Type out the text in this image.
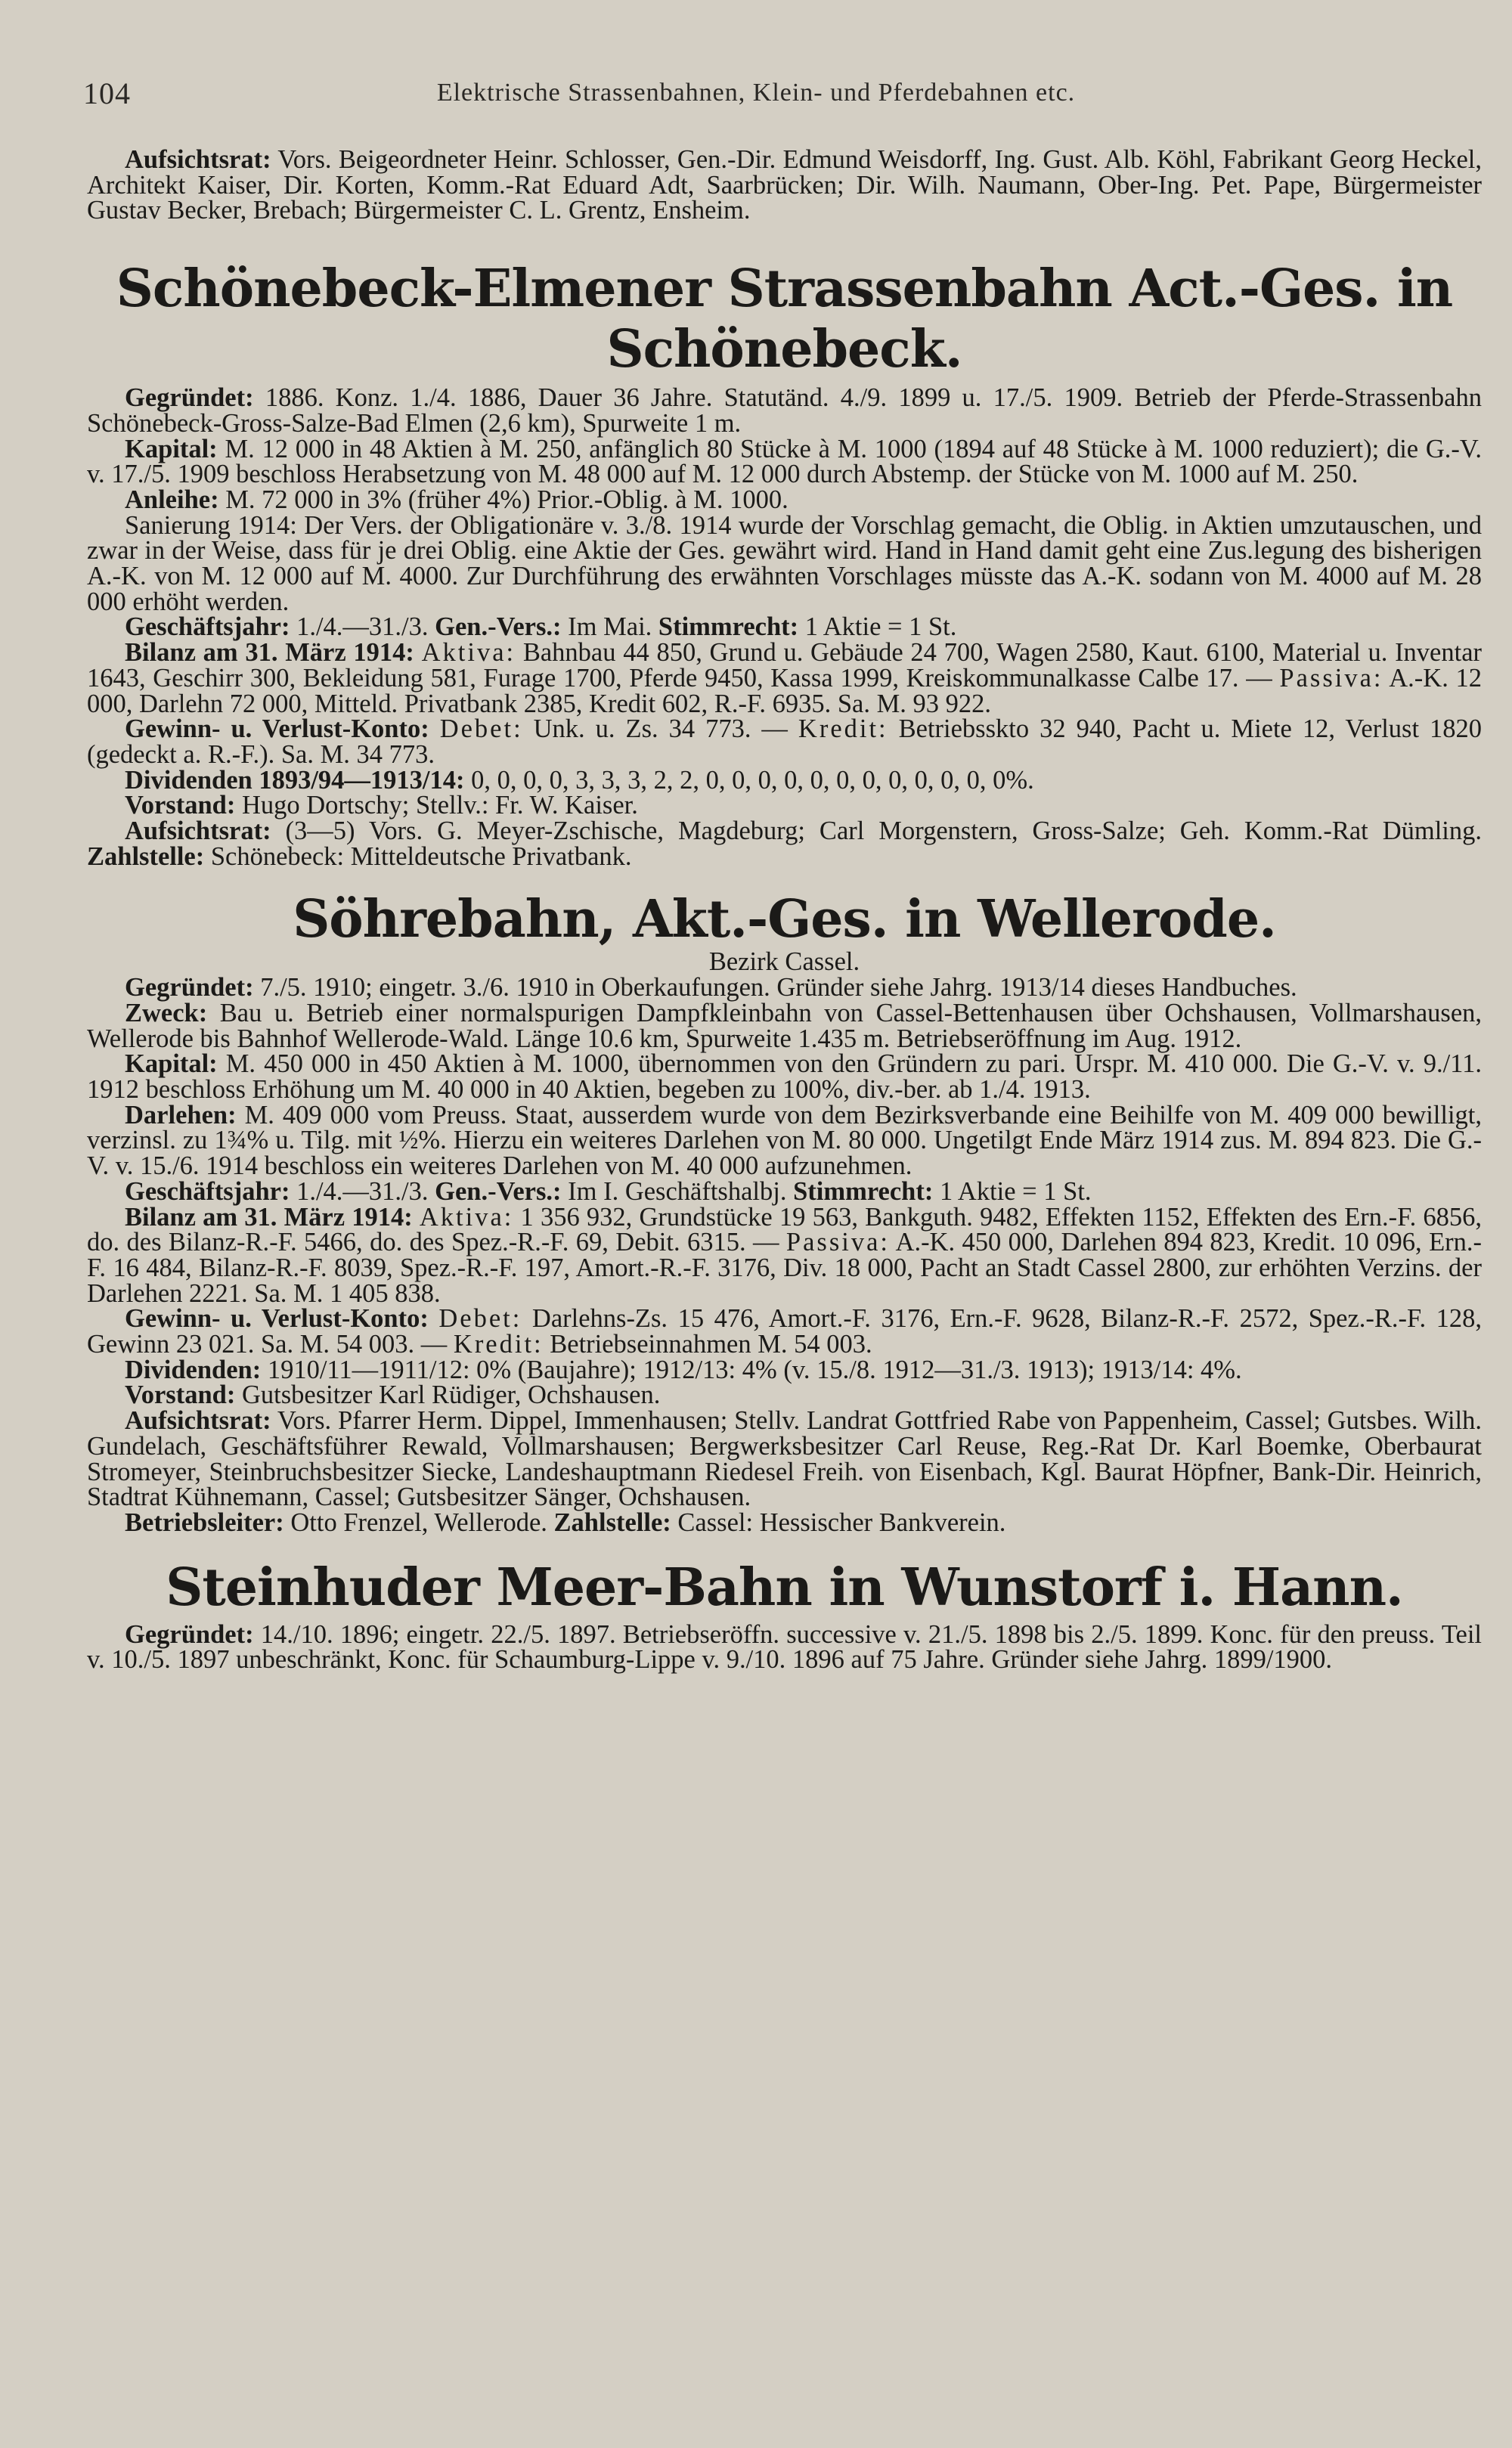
104	Elektrische Strassenbahnen, Klein- und Pferdebahnen etc.

Aufsichtsrat: Vors. Beigeordneter Heinr. Schlosser, Gen.-Dir. Edmund Weisdorff, Ing. Gust. Alb. Köhl, Fabrikant Georg Heckel, Architekt Kaiser, Dir. Korten, Komm.-Rat Eduard Adt, Saarbrücken; Dir. Wilh. Naumann, Ober-Ing. Pet. Pape, Bürgermeister Gustav Becker, Brebach; Bürgermeister C. L. Grentz, Ensheim.

Schönebeck-Elmener Strassenbahn Act.-Ges. in Schönebeck.

Gegründet: 1886. Konz. 1./4. 1886, Dauer 36 Jahre. Statutänd. 4./9. 1899 u. 17./5. 1909. Betrieb der Pferde-Strassenbahn Schönebeck-Gross-Salze-Bad Elmen (2,6 km), Spurweite 1 m.

Kapital: M. 12 000 in 48 Aktien à M. 250, anfänglich 80 Stücke à M. 1000 (1894 auf 48 Stücke à M. 1000 reduziert); die G.-V. v. 17./5. 1909 beschloss Herabsetzung von M. 48 000 auf M. 12 000 durch Abstemp. der Stücke von M. 1000 auf M. 250.

Anleihe: M. 72 000 in 3% (früher 4%) Prior.-Oblig. à M. 1000.

Sanierung 1914: Der Vers. der Obligationäre v. 3./8. 1914 wurde der Vorschlag gemacht, die Oblig. in Aktien umzutauschen, und zwar in der Weise, dass für je drei Oblig. eine Aktie der Ges. gewährt wird. Hand in Hand damit geht eine Zus.legung des bisherigen A.-K. von M. 12 000 auf M. 4000. Zur Durchführung des erwähnten Vorschlages müsste das A.-K. sodann von M. 4000 auf M. 28 000 erhöht werden.

Geschäftsjahr: 1./4.—31./3. Gen.-Vers.: Im Mai. Stimmrecht: 1 Aktie = 1 St.

Bilanz am 31. März 1914: Aktiva: Bahnbau 44 850, Grund u. Gebäude 24 700, Wagen 2580, Kaut. 6100, Material u. Inventar 1643, Geschirr 300, Bekleidung 581, Furage 1700, Pferde 9450, Kassa 1999, Kreiskommunalkasse Calbe 17. — Passiva: A.-K. 12 000, Darlehn 72 000, Mitteld. Privatbank 2385, Kredit 602, R.-F. 6935. Sa. M. 93 922.

Gewinn- u. Verlust-Konto: Debet: Unk. u. Zs. 34 773. — Kredit: Betriebsskto 32 940, Pacht u. Miete 12, Verlust 1820 (gedeckt a. R.-F.). Sa. M. 34 773.

Dividenden 1893/94—1913/14: 0, 0, 0, 0, 3, 3, 3, 2, 2, 0, 0, 0, 0, 0, 0, 0, 0, 0, 0, 0, 0%.

Vorstand: Hugo Dortschy; Stellv.: Fr. W. Kaiser.

Aufsichtsrat: (3—5) Vors. G. Meyer-Zschische, Magdeburg; Carl Morgenstern, Gross-Salze; Geh. Komm.-Rat Dümling. Zahlstelle: Schönebeck: Mitteldeutsche Privatbank.

Söhrebahn, Akt.-Ges. in Wellerode.

Bezirk Cassel.

Gegründet: 7./5. 1910; eingetr. 3./6. 1910 in Oberkaufungen. Gründer siehe Jahrg. 1913/14 dieses Handbuches.

Zweck: Bau u. Betrieb einer normalspurigen Dampfkleinbahn von Cassel-Bettenhausen über Ochshausen, Vollmarshausen, Wellerode bis Bahnhof Wellerode-Wald. Länge 10.6 km, Spurweite 1.435 m. Betriebseröffnung im Aug. 1912.

Kapital: M. 450 000 in 450 Aktien à M. 1000, übernommen von den Gründern zu pari. Urspr. M. 410 000. Die G.-V. v. 9./11. 1912 beschloss Erhöhung um M. 40 000 in 40 Aktien, begeben zu 100%, div.-ber. ab 1./4. 1913.

Darlehen: M. 409 000 vom Preuss. Staat, ausserdem wurde von dem Bezirksverbande eine Beihilfe von M. 409 000 bewilligt, verzinsl. zu 1¾% u. Tilg. mit ½%. Hierzu ein weiteres Darlehen von M. 80 000. Ungetilgt Ende März 1914 zus. M. 894 823. Die G.-V. v. 15./6. 1914 beschloss ein weiteres Darlehen von M. 40 000 aufzunehmen.

Geschäftsjahr: 1./4.—31./3. Gen.-Vers.: Im I. Geschäftshalbj. Stimmrecht: 1 Aktie = 1 St.

Bilanz am 31. März 1914: Aktiva: 1 356 932, Grundstücke 19 563, Bankguth. 9482, Effekten 1152, Effekten des Ern.-F. 6856, do. des Bilanz-R.-F. 5466, do. des Spez.-R.-F. 69, Debit. 6315. — Passiva: A.-K. 450 000, Darlehen 894 823, Kredit. 10 096, Ern.-F. 16 484, Bilanz-R.-F. 8039, Spez.-R.-F. 197, Amort.-R.-F. 3176, Div. 18 000, Pacht an Stadt Cassel 2800, zur erhöhten Verzins. der Darlehen 2221. Sa. M. 1 405 838.

Gewinn- u. Verlust-Konto: Debet: Darlehns-Zs. 15 476, Amort.-F. 3176, Ern.-F. 9628, Bilanz-R.-F. 2572, Spez.-R.-F. 128, Gewinn 23 021. Sa. M. 54 003. — Kredit: Betriebseinnahmen M. 54 003.

Dividenden: 1910/11—1911/12: 0% (Baujahre); 1912/13: 4% (v. 15./8. 1912—31./3. 1913); 1913/14: 4%.

Vorstand: Gutsbesitzer Karl Rüdiger, Ochshausen.

Aufsichtsrat: Vors. Pfarrer Herm. Dippel, Immenhausen; Stellv. Landrat Gottfried Rabe von Pappenheim, Cassel; Gutsbes. Wilh. Gundelach, Geschäftsführer Rewald, Vollmarshausen; Bergwerksbesitzer Carl Reuse, Reg.-Rat Dr. Karl Boemke, Oberbaurat Stromeyer, Steinbruchsbesitzer Siecke, Landeshauptmann Riedesel Freih. von Eisenbach, Kgl. Baurat Höpfner, Bank-Dir. Heinrich, Stadtrat Kühnemann, Cassel; Gutsbesitzer Sänger, Ochshausen.

Betriebsleiter: Otto Frenzel, Wellerode. Zahlstelle: Cassel: Hessischer Bankverein.

Steinhuder Meer-Bahn in Wunstorf i. Hann.

Gegründet: 14./10. 1896; eingetr. 22./5. 1897. Betriebseröffn. successive v. 21./5. 1898 bis 2./5. 1899. Konc. für den preuss. Teil v. 10./5. 1897 unbeschränkt, Konc. für Schaumburg-Lippe v. 9./10. 1896 auf 75 Jahre. Gründer siehe Jahrg. 1899/1900.
